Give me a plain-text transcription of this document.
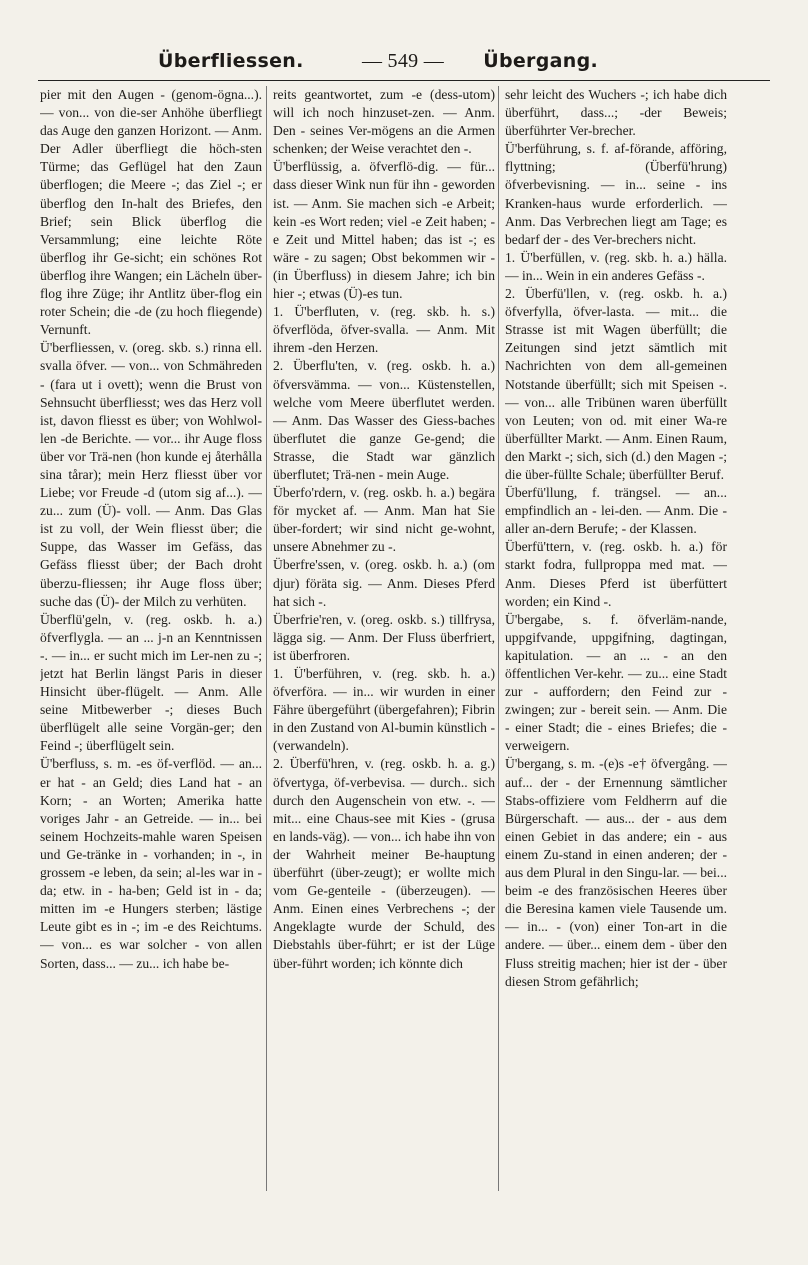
— 549 —
Überfliessen.	Übergang.

pier mit den Augen - (genom-ögna...). — von... von die-ser Anhöhe überfliegt das Auge den ganzen Horizont. — Anm. Der Adler überfliegt die höch-sten Türme; das Geflügel hat den Zaun überflogen; die Meere -; das Ziel -; er überflog den In-halt des Briefes, den Brief; sein Blick überflog die Versammlung; eine leichte Röte überflog ihr Ge-sicht; ein schönes Rot überflog ihre Wangen; ein Lächeln über-flog ihre Züge; ihr Antlitz über-flog ein roter Schein; die -de (zu hoch fliegende) Vernunft.

Ü'berfliessen, v. (oreg. skb. s.) rinna ell. svalla öfver. — von... von Schmähreden - (fara ut i ovett); wenn die Brust von Sehnsucht überfliesst; wes das Herz voll ist, davon fliesst es über; von Wohlwol-len -de Berichte. — vor... ihr Auge floss über vor Trä-nen (hon kunde ej återhålla sina tårar); mein Herz fliesst über vor Liebe; vor Freude -d (utom sig af...). — zu... zum (Ü)- voll. — Anm. Das Glas ist zu voll, der Wein fliesst über; die Suppe, das Wasser im Gefäss, das Gefäss fliesst über; der Bach droht überzu-fliessen; ihr Auge floss über; suche das (Ü)- der Milch zu verhüten.

Überflü'geln, v. (reg. oskb. h. a.) öfverflygla. — an ... j-n an Kenntnissen -. — in... er sucht mich im Ler-nen zu -; jetzt hat Berlin längst Paris in dieser Hinsicht über-flügelt. — Anm. Alle seine Mitbewerber -; dieses Buch überflügelt alle seine Vorgän-ger; den Feind -; überflügelt sein.

Ü'berfluss, s. m. -es öf-verflöd. — an... er hat - an Geld; dies Land hat - an Korn; - an Worten; Amerika hatte voriges Jahr - an Getreide. — in... bei seinem Hochzeits-mahle waren Speisen und Ge-tränke in - vorhanden; in -, in grossem -e leben, da sein; al-les war in - da; etw. in - ha-ben; Geld ist in - da; mitten im -e Hungers sterben; lästige Leute gibt es in -; im -e des Reichtums. — von... es war solcher - von allen Sorten, dass... — zu... ich habe be-

reits geantwortet, zum -e (dess-utom) will ich noch hinzuset-zen. — Anm. Den - seines Ver-mögens an die Armen schenken; der Weise verachtet den -.

Ü'berflüssig, a. öfverflö-dig. — für... dass dieser Wink nun für ihn - geworden ist. — Anm. Sie machen sich -e Arbeit; kein -es Wort reden; viel -e Zeit haben; -e Zeit und Mittel haben; das ist -; es wäre - zu sagen; Obst bekommen wir - (in Überfluss) in diesem Jahre; ich bin hier -; etwas (Ü)-es tun.

1. Ü'berfluten, v. (reg. skb. h. s.) öfverflöda, öfver-svalla. — Anm. Mit ihrem -den Herzen.

2. Überflu'ten, v. (reg. oskb. h. a.) öfversvämma. — von... Küstenstellen, welche vom Meere überflutet werden. — Anm. Das Wasser des Giess-baches überflutet die ganze Ge-gend; die Strasse, die Stadt war gänzlich überflutet; Trä-nen - mein Auge.

Überfo'rdern, v. (reg. oskb. h. a.) begära för mycket af. — Anm. Man hat Sie über-fordert; wir sind nicht ge-wohnt, unsere Abnehmer zu -.

Überfre'ssen, v. (oreg. oskb. h. a.) (om djur) föräta sig. — Anm. Dieses Pferd hat sich -.

Überfrie'ren, v. (oreg. oskb. s.) tillfrysa, lägga sig. — Anm. Der Fluss überfriert, ist überfroren.

1. Ü'berführen, v. (reg. skb. h. a.) öfverföra. — in... wir wurden in einer Fähre übergeführt (übergefahren); Fibrin in den Zustand von Al-bumin künstlich -(verwandeln).

2. Überfü'hren, v. (reg. oskb. h. a. g.) öfvertyga, öf-verbevisa. — durch.. sich durch den Augenschein von etw. -. — mit... eine Chaus-see mit Kies - (grusa en lands-väg). — von... ich habe ihn von der Wahrheit meiner Be-hauptung überführt (über-zeugt); er wollte mich vom Ge-genteile - (überzeugen). — Anm. Einen eines Verbrechens -; der Angeklagte wurde der Schuld, des Diebstahls über-führt; er ist der Lüge über-führt worden; ich könnte dich

sehr leicht des Wuchers -; ich habe dich überführt, dass...; -der Beweis; überführter Ver-brecher.

Ü'berführung, s. f. af-förande, afföring, flyttning; (Überfü'hrung) öfverbevisning. — in... seine - ins Kranken-haus wurde erforderlich. — Anm. Das Verbrechen liegt am Tage; es bedarf der - des Ver-brechers nicht.

1. Ü'berfüllen, v. (reg. skb. h. a.) hälla. — in... Wein in ein anderes Gefäss -.

2. Überfü'llen, v. (reg. oskb. h. a.) öfverfylla, öfver-lasta. — mit... die Strasse ist mit Wagen überfüllt; die Zeitungen sind jetzt sämtlich mit Nachrichten von dem all-gemeinen Notstande überfüllt; sich mit Speisen -. — von... alle Tribünen waren überfüllt von Leuten; von od. mit einer Wa-re überfüllter Markt. — Anm. Einen Raum, den Markt -; sich, sich (d.) den Magen -; die über-füllte Schale; überfüllter Beruf.

Überfü'llung, f. trängsel. — an... empfindlich an - lei-den. — Anm. Die - aller an-dern Berufe; - der Klassen.

Überfü'ttern, v. (reg. oskb. h. a.) för starkt fodra, fullproppa med mat. — Anm. Dieses Pferd ist überfüttert worden; ein Kind -.

Ü'bergabe, s. f. öfverläm-nande, uppgifvande, uppgifning, dagtingan, kapitulation. — an ... - an den öffentlichen Ver-kehr. — zu... eine Stadt zur - auffordern; den Feind zur - zwingen; zur - bereit sein. — Anm. Die - einer Stadt; die - eines Briefes; die - verweigern.

Ü'bergang, s. m. -(e)s -e† öfvergång. — auf... der - der Ernennung sämtlicher Stabs-offiziere vom Feldherrn auf die Bürgerschaft. — aus... der - aus dem einen Gebiet in das andere; ein - aus einem Zu-stand in einen anderen; der - aus dem Plural in den Singu-lar. — bei... beim -e des französischen Heeres über die Beresina kamen viele Tausende um. — in... - (von) einer Ton-art in die andere. — über... einem dem - über den Fluss streitig machen; hier ist der - über diesen Strom gefährlich;
